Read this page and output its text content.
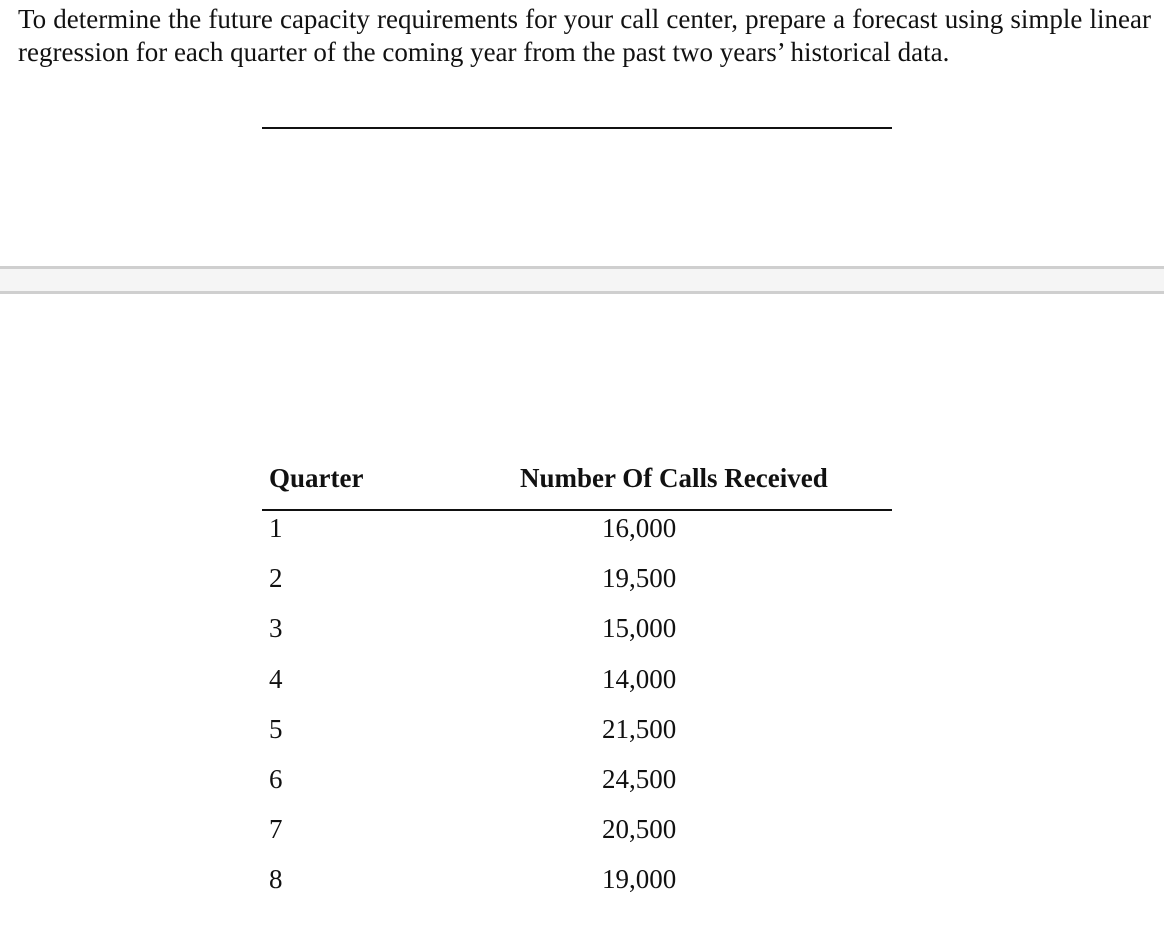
To determine the future capacity requirements for your call center, prepare a forecast using simple linear regression for each quarter of the coming year from the past two years’ historical data.

Quarter	Number Of Calls Received
1	16,000
2	19,500
3	15,000
4	14,000
5	21,500
6	24,500
7	20,500
8	19,000
